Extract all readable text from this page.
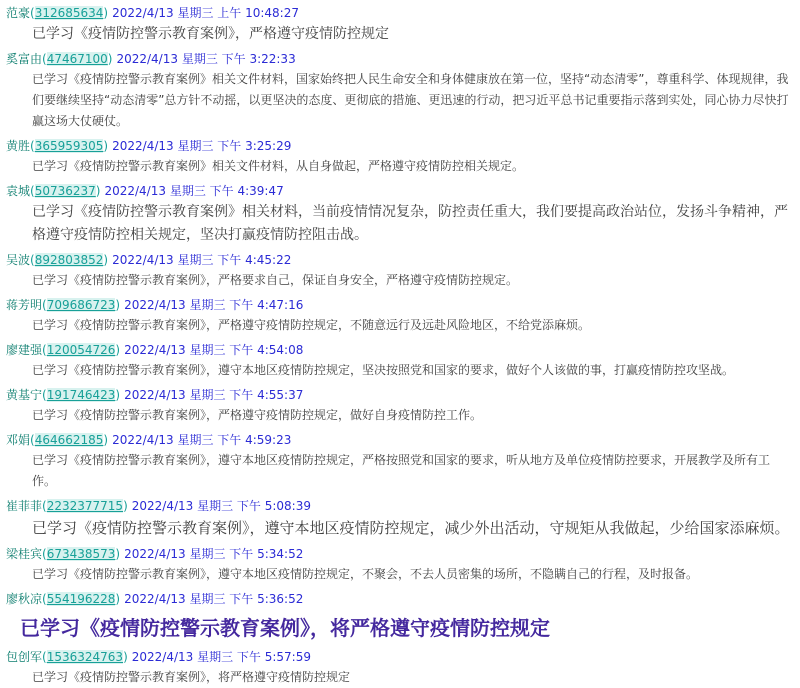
范豪(312685634) 2022/4/13 星期三 上午 10:48:27
已学习《疫情防控警示教育案例》，严格遵守疫情防控规定
奚富由(47467100) 2022/4/13 星期三 下午 3:22:33
已学习《疫情防控警示教育案例》相关文件材料，国家始终把人民生命安全和身体健康放在第一位，坚持“动态清零”，尊重科学、体现规律，我们要继续坚持“动态清零”总方针不动摇，以更坚决的态度、更彻底的措施、更迅速的行动，把习近平总书记重要指示落到实处，同心协力尽快打赢这场大仗硬仗。
黄胜(365959305) 2022/4/13 星期三 下午 3:25:29
已学习《疫情防控警示教育案例》相关文件材料，从自身做起，严格遵守疫情防控相关规定。
袁城(50736237) 2022/4/13 星期三 下午 4:39:47
已学习《疫情防控警示教育案例》相关材料，当前疫情情况复杂，防控责任重大，我们要提高政治站位，发扬斗争精神，严格遵守疫情防控相关规定，坚决打赢疫情防控阻击战。
吴波(892803852) 2022/4/13 星期三 下午 4:45:22
已学习《疫情防控警示教育案例》，严格要求自己，保证自身安全，严格遵守疫情防控规定。
蒋芳明(709686723) 2022/4/13 星期三 下午 4:47:16
已学习《疫情防控警示教育案例》，严格遵守疫情防控规定，不随意远行及远赴风险地区，不给党添麻烦。
廖建强(120054726) 2022/4/13 星期三 下午 4:54:08
已学习《疫情防控警示教育案例》，遵守本地区疫情防控规定，坚决按照党和国家的要求，做好个人该做的事，打赢疫情防控攻坚战。
黄基宁(191746423) 2022/4/13 星期三 下午 4:55:37
已学习《疫情防控警示教育案例》，严格遵守疫情防控规定，做好自身疫情防控工作。
邓娟(464662185) 2022/4/13 星期三 下午 4:59:23
已学习《疫情防控警示教育案例》，遵守本地区疫情防控规定，严格按照党和国家的要求，听从地方及单位疫情防控要求，开展教学及所有工作。
崔菲菲(2232377715) 2022/4/13 星期三 下午 5:08:39
已学习《疫情防控警示教育案例》，遵守本地区疫情防控规定，减少外出活动，守规矩从我做起，少给国家添麻烦。
梁桂宾(673438573) 2022/4/13 星期三 下午 5:34:52
已学习《疫情防控警示教育案例》，遵守本地区疫情防控规定，不聚会，不去人员密集的场所，不隐瞒自己的行程，及时报备。
廖秋凉(554196228) 2022/4/13 星期三 下午 5:36:52
已学习《疫情防控警示教育案例》，将严格遵守疫情防控规定
包创军(1536324763) 2022/4/13 星期三 下午 5:57:59
已学习《疫情防控警示教育案例》，将严格遵守疫情防控规定
